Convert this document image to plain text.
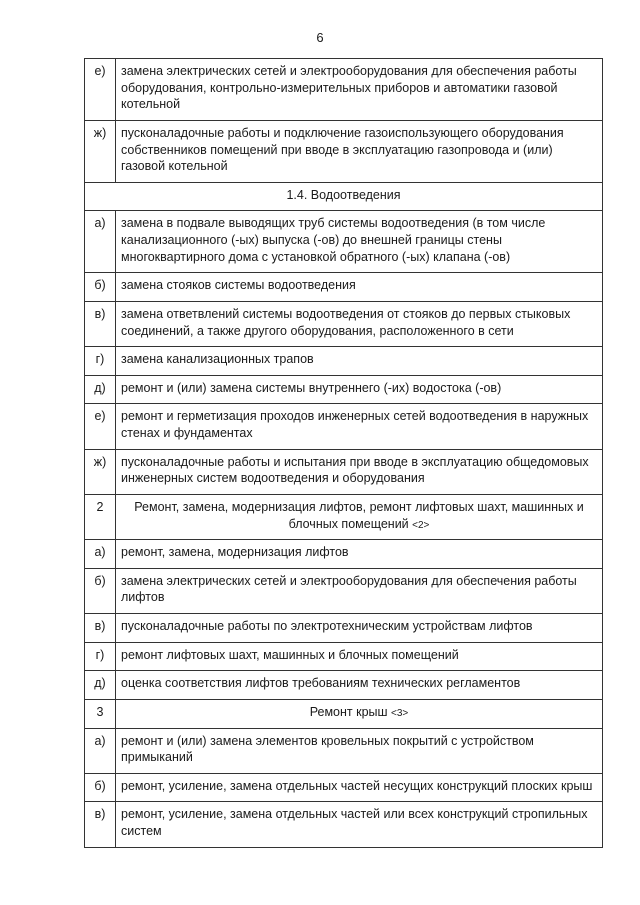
6
е)	замена электрических сетей и электрооборудования для обеспечения работы оборудования, контрольно-измерительных приборов и автоматики газовой котельной
ж)	пусконаладочные работы и подключение газоиспользующего оборудования собственников помещений при вводе в эксплуатацию газопровода и (или) газовой котельной
1.4. Водоотведения	
а)	замена в подвале выводящих труб системы водоотведения (в том числе канализационного (-ых) выпуска (-ов) до внешней границы стены многоквартирного дома с установкой обратного (-ых) клапана (-ов)
б)	замена стояков системы водоотведения
в)	замена ответвлений системы водоотведения от стояков до первых стыковых соединений, а также другого оборудования, расположенного в сети
г)	замена канализационных трапов
д)	ремонт и (или) замена системы внутреннего (-их) водостока (-ов)
е)	ремонт и герметизация проходов инженерных сетей водоотведения в наружных стенах и фундаментах
ж)	пусконаладочные работы и испытания при вводе в эксплуатацию общедомовых инженерных систем водоотведения и оборудования
2	Ремонт, замена, модернизация лифтов, ремонт лифтовых шахт, машинных и блочных помещений <2>
а)	ремонт, замена, модернизация лифтов
б)	замена электрических сетей и электрооборудования для обеспечения работы лифтов
в)	пусконаладочные работы по электротехническим устройствам лифтов
г)	ремонт лифтовых шахт, машинных и блочных помещений
д)	оценка соответствия лифтов требованиям технических регламентов
3	Ремонт крыш <3>
а)	ремонт и (или) замена элементов кровельных покрытий с устройством примыканий
б)	ремонт, усиление, замена отдельных частей несущих конструкций плоских крыш
в)	ремонт, усиление, замена отдельных частей или всех конструкций стропильных систем
